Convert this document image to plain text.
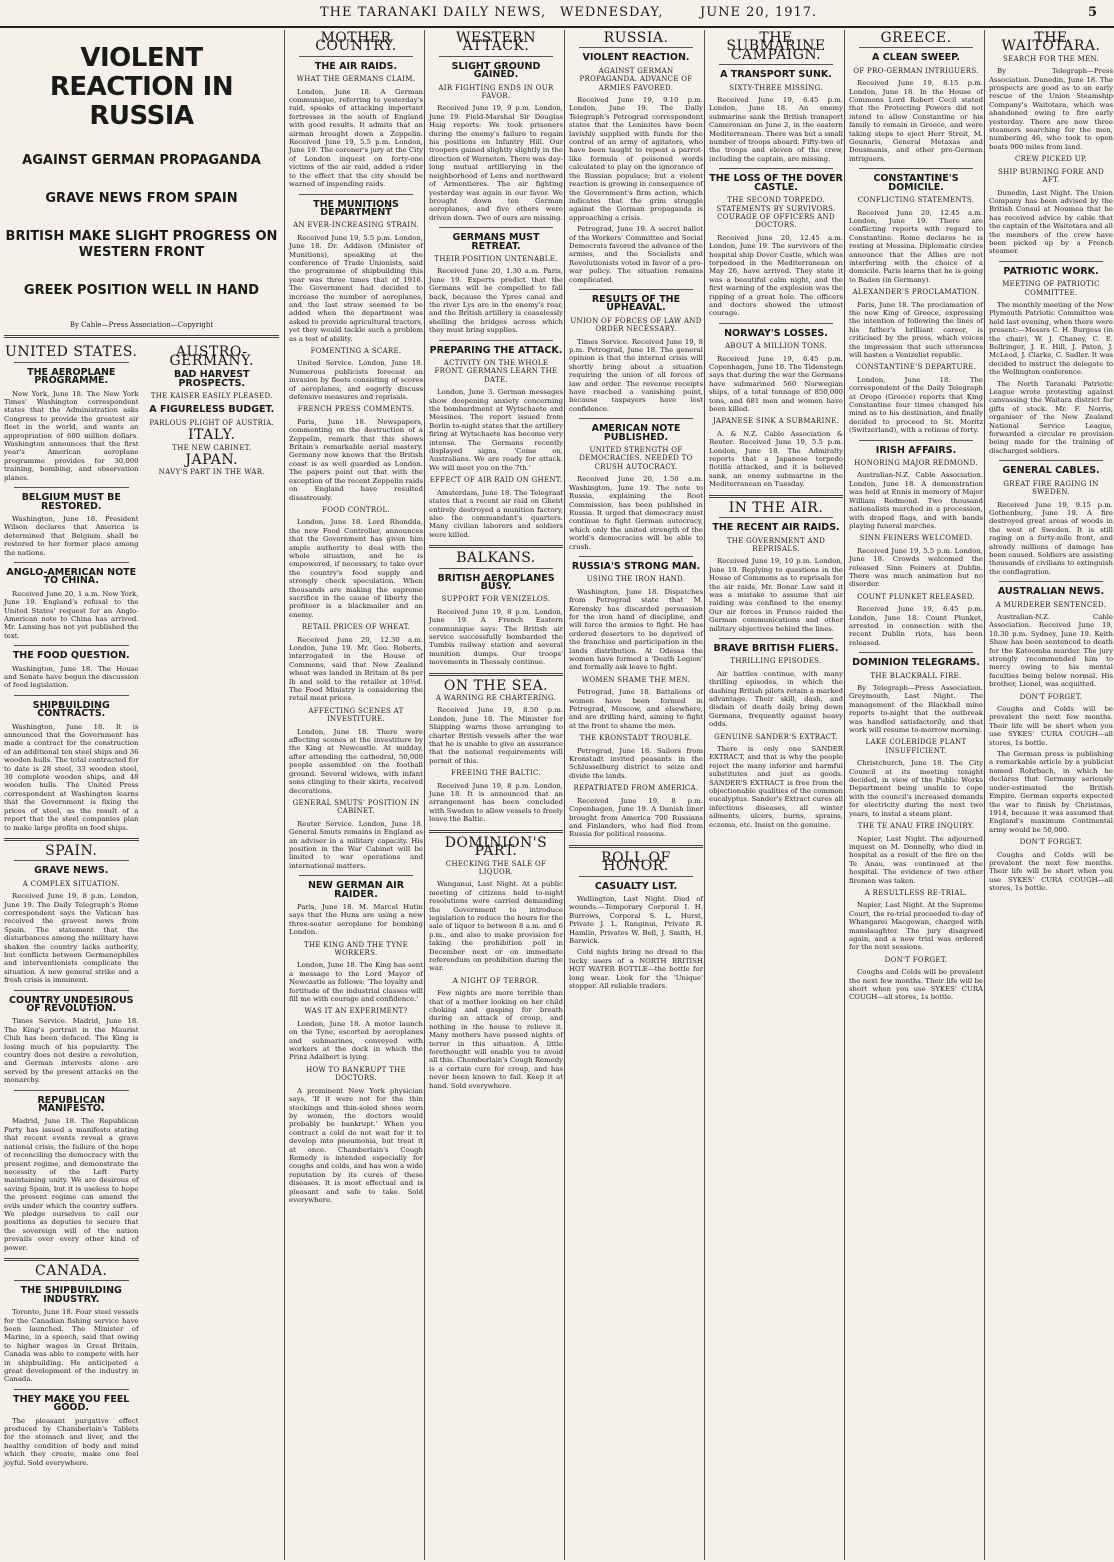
THE TARANAKI DAILY NEWS, WEDNESDAY,	JUNE 20, 1917.	5
VIOLENT REACTION IN RUSSIA
AGAINST GERMAN PROPAGANDA
GRAVE NEWS FROM SPAIN
BRITISH MAKE SLIGHT PROGRESS ON WESTERN FRONT
GREEK POSITION WELL IN HAND
By Cable—Press Association—Copyright
UNITED STATES.
THE AEROPLANE PROGRAMME.

New York, June 18. The New York Times' Washington correspondent states that the Administration asks Congress to provide the greatest air fleet in the world, and wants an appropriation of 600 million dollars. Washington announces that the first year's American aeroplane programme provides for 30,000 training, bombing, and observation planes.

BELGIUM MUST BE RESTORED.

Washington, June 18. President Wilson declares that America is determined that Belgium shall be restored to her former place among the nations.

ANGLO-AMERICAN NOTE TO CHINA.

Received June 20, 1 a.m. New York, June 19. England's refusal to the United States' request for an Anglo-American note to China has arrived. Mr. Lansing has not yet published the text.

THE FOOD QUESTION.

Washington, June 18. The House and Senate have begun the discussion of food legislation.

SHIPBUILDING CONTRACTS.

Washington, June 18. It is announced that the Government has made a contract for the construction of an additional ten steel ships and 36 wooden hulls. The total contracted for to date is 28 steel, 33 wooden steel, 30 complete wooden ships, and 48 wooden hulls. The United Press correspondent at Washington learns that the Government is fixing the prices of steel, as the result of a report that the steel companies plan to make large profits on food ships.

SPAIN.
GRAVE NEWS.
A COMPLEX SITUATION.

Received June 19, 8 p.m. London, June 19. The Daily Telegraph's Rome correspondent says the Vatican has received the gravest news from Spain. The statement that the disturbances among the military have shaken the country lacks authority, but conflicts between Germanophiles and interventionists complicate the situation. A new general strike and a fresh crisis is imminent.

COUNTRY UNDESIROUS OF REVOLUTION.

Times Service. Madrid, June 18. The King's portrait in the Maurist Club has been defaced. The King is losing much of his popularity. The country does not desire a revolution, and German interests alone are served by the present attacks on the monarchy.

REPUBLICAN MANIFESTO.

Madrid, June 18. The Republican Party has issued a manifesto stating that recent events reveal a grave national crisis, the failure of the hope of reconciling the democracy with the present regime, and demonstrate the necessity of the Left Party maintaining unity. We are desirous of saving Spain, but it is useless to hope the present regime can amend the evils under which the country suffers. We pledge ourselves to call our positions as deputies to secure that the sovereign will of the nation prevails over every other kind of power.

CANADA.
THE SHIPBUILDING INDUSTRY.

Toronto, June 18. Four steel vessels for the Canadian fishing service have been launched. The Minister of Marine, in a speech, said that owing to higher wages in Great Britain, Canada was able to compete with her in shipbuilding. He anticipated a great development of the industry in Canada.

THEY MAKE YOU FEEL GOOD.

The pleasant purgative effect produced by Chamberlain's Tablets for the stomach and liver, and the healthy condition of body and mind which they create, make one feel joyful. Sold everywhere.

AUSTRO-GERMANY.
BAD HARVEST PROSPECTS.
THE KAISER EASILY PLEASED.
A FIGURELESS BUDGET.
PARLOUS PLIGHT OF AUSTRIA.
ITALY.
THE NEW CABINET.
JAPAN.
NAVY'S PART IN THE WAR.
MOTHER COUNTRY.
THE AIR RAIDS.
WHAT THE GERMANS CLAIM.

London, June 18. A German communique, referring to yesterday's raid, speaks of attacking important fortresses in the south of England with good results. It admits that an airman brought down a Zeppelin. Received June 19, 5.5 p.m. London, June 19. The coroner's jury at the City of London inquest on forty-one victims of the air raid, added a rider to the effect that the city should be warned of impending raids.

THE MUNITIONS DEPARTMENT
AN EVER-INCREASING STRAIN.

Received June 19, 5.5 p.m. London, June 18. Dr. Addison (Minister of Munitions), speaking at the conference of Trade Unionists, said the programme of shipbuilding this year was three times that of 1916. The Government had decided to increase the number of aeroplanes, and the last straw seemed to be added when the department was asked to provide agricultural tractors, yet they would tackle such a problem as a test of ability.

FOMENTING A SCARE.

United Service. London, June 18. Numerous publicists forecast an invasion by fleets consisting of scores of aeroplanes, and eagerly discuss defensive measures and reprisals.

FRENCH PRESS COMMENTS.

Paris, June 18. Newspapers, commenting on the destruction of a Zeppelin, remark that this shows Britain's remarkable aerial mastery. Germany now knows that the British coast is as well guarded as London. The papers point out that with the exception of the recent Zeppelin raids on England have resulted disastrously.

FOOD CONTROL.

London, June 18. Lord Rhondda, the new Food Controller, announces that the Government has given him ample authority to deal with the whole situation, and he is empowered, if necessary, to take over the country's food supply and strongly check speculation. When thousands are making the supreme sacrifice in the cause of liberty the profiteer is a blackmailer and an enemy.

RETAIL PRICES OF WHEAT.

Received June 20, 12.30 a.m. London, June 19. Mr. Geo. Roberts, interrogated in the House of Commons, said that New Zealand wheat was landed in Britain at 8s per lb and sold to the retailer at 10½d. The Food Ministry is considering the retail meat prices.

AFFECTING SCENES AT INVESTITURE.

London, June 18. There were affecting scenes at the investiture by the King at Newcastle. At midday, after attending the cathedral, 50,000 people assembled on the football ground. Several widows, with infant sons clinging to their skirts, received decorations.

GENERAL SMUTS' POSITION IN CABINET.

Reuter Service. London, June 18. General Smuts remains in England as an adviser in a military capacity. His position in the War Cabinet will be limited to war operations and international matters.

NEW GERMAN AIR RAIDER.

Paris, June 18. M. Marcel Hutin says that the Huns are using a new three-seater aeroplane for bombing London.

THE KING AND THE TYNE WORKERS.

London, June 18. The King has sent a message to the Lord Mayor of Newcastle as follows: 'The loyalty and fortitude of the industrial classes will fill me with courage and confidence.'

WAS IT AN EXPERIMENT?

London, June 18. A motor launch on the Tyne, escorted by aeroplanes and submarines, conveyed with workers at the dock in which the Prinz Adalbert is lying.

HOW TO BANKRUPT THE DOCTORS.

A prominent New York physician says, 'If it were not for the thin stockings and thin-soled shoes worn by women, the doctors would probably be bankrupt.' When you contract a cold do not wait for it to develop into pneumonia, but treat it at once. Chamberlain's Cough Remedy is intended especially for coughs and colds, and has won a wide reputation by its cures of these diseases. It is most effectual and is pleasant and safe to take. Sold everywhere.

WESTERN ATTACK.
SLIGHT GROUND GAINED.
AIR FIGHTING ENDS IN OUR FAVOR.

Received June 19, 9 p.m. London, June 19. Field-Marshal Sir Douglas Haig reports: We took prisoners during the enemy's failure to regain his positions on Infantry Hill. Our troopers gained slightly slightly in the direction of Warneton. There was day-long mutual artillerying in the neighborhood of Lens and northward of Armentieres. The air fighting yesterday was again in our favor. We brought down ten German aeroplanes, and five others were driven down. Two of ours are missing.

GERMANS MUST RETREAT.
THEIR POSITION UNTENABLE.

Received June 20, 1.30 a.m. Paris, June 19. Experts predict that the Germans will be compelled to fall back, because the Ypres canal and the river Lys are in the enemy's rear, and the British artillery is ceaselessly shelling the bridges across which they must bring supplies.

PREPARING THE ATTACK.
ACTIVITY ON THE WHOLE FRONT. GERMANS LEARN THE DATE.

London, June 3. German messages show deepening anxiety concerning the bombardment at Wytschaete and Messines. The report issued from Berlin to-night states that the artillery firing at Wytschaete has become very intense. The Germans recently displayed signs, 'Come on, Australians. We are ready for attack. We will meet you on the 7th.'

EFFECT OF AIR RAID ON GHENT.

Amsterdam, June 18. The Telegraaf states that a recent air raid on Ghent entirely destroyed a munition factory, also the commandant's quarters. Many civilian laborers and soldiers were killed.

BALKANS.
BRITISH AEROPLANES BUSY.
SUPPORT FOR VENIZELOS.

Received June 19, 8 p.m. London, June 19. A French Eastern communique says: The British air service successfully bombarded the Tumbis railway station and several munition dumps. Our troops' movements in Thessaly continue.

ON THE SEA.
A WARNING RE CHARTERING.

Received June 19, 8.50 p.m. London, June 18. The Minister for Shipping warns those arranging to charter British vessels after the war that he is unable to give an assurance that the national requirements will permit of this.

FREEING THE BALTIC.

Received June 19, 8 p.m. London, June 18. It is announced that an arrangement has been concluded with Sweden to allow vessels to freely leave the Baltic.

DOMINION'S PART.
CHECKING THE SALE OF LIQUOR.

Wanganui, Last Night. At a public meeting of citizens held to-night resolutions were carried demanding the Government to introduce legislation to reduce the hours for the sale of liquor to between 8 a.m. and 6 p.m., and also to make provision for taking the prohibition poll in December next or on immediate referendum on prohibition during the war.

A NIGHT OF TERROR.

Few nights are more terrible than that of a mother looking on her child choking and gasping for breath during an attack of croup, and nothing in the house to relieve it. Many mothers have passed nights of terror in this situation. A little forethought will enable you to avoid all this. Chamberlain's Cough Remedy is a certain cure for croup, and has never been known to fail. Keep it at hand. Sold everywhere.

RUSSIA.
VIOLENT REACTION.
AGAINST GERMAN PROPAGANDA. ADVANCE OF ARMIES FAVORED.

Received June 19, 9.10 p.m. London, June 19. The Daily Telegraph's Petrograd correspondent states that the Leninites have been lavishly supplied with funds for the control of an army of agitators, who have been taught to repeat a parrot-like formula of poisoned words calculated to play on the ignorance of the Russian populace; but a violent reaction is growing in consequence of the Government's firm action, which indicates that the grim struggle against the German propaganda is approaching a crisis.

Petrograd, June 19. A secret ballot of the Workers' Committee and Social Democrats favored the advance of the armies, and the Socialists and Revolutionists voted in favor of a pro-war policy. The situation remains complicated.

RESULTS OF THE UPHEAVAL.
UNION OF FORCES OF LAW AND ORDER NECESSARY.

Times Service. Received June 19, 8 p.m. Petrograd, June 18. The general opinion is that the internal crisis will shortly bring about a situation requiring the union of all forces of law and order. The revenue receipts have reached a vanishing point, because taxpayers have lost confidence.

AMERICAN NOTE PUBLISHED.
UNITED STRENGTH OF DEMOCRACIES. NEEDED TO CRUSH AUTOCRACY.

Received June 20, 1.50 a.m. Washington, June 19. The note to Russia, explaining the Root Commission, has been published in Russia. It urged that democracy must continue to fight German autocracy, which only the united strength of the world's democracies will be able to crush.

RUSSIA'S STRONG MAN.
USING THE IRON HAND.

Washington, June 18. Dispatches from Petrograd state that M. Kerensky has discarded persuasion for the iron hand of discipline, and will force the armies to fight. He has ordered deserters to be deprived of the franchise and participation in the lands distribution. At Odessa the women have formed a 'Death Legion' and formally ask leave to fight.

WOMEN SHAME THE MEN.

Petrograd, June 18. Battalions of women have been formed in Petrograd, Moscow, and elsewhere, and are drilling hard, aiming to fight at the front to shame the men.

THE KRONSTADT TROUBLE.

Petrograd, June 18. Sailors from Kronstadt invited peasants in the Schlusselburg district to seize and divide the lands.

REPATRIATED FROM AMERICA.

Received June 19, 8 p.m. Copenhagen, June 19. A Danish liner brought from America 700 Russians and Finlanders, who had fled from Russia for political reasons.

ROLL OF HONOR.
CASUALTY LIST.

Wellington, Last Night. Died of wounds.—Temporary Corporal I. H. Burrows, Corporal S. L. Hurst, Private J. L. Ranginui, Private R. Hamlin, Privates W. Bell, J. Smith, H. Barwick.

Cold nights bring no dread to the lucky users of a NORTH BRITISH HOT WATER BOTTLE—the bottle for long wear. Look for the 'Unique' stopper. All reliable traders.

THE SUBMARINE CAMPAIGN.
A TRANSPORT SUNK.
SIXTY-THREE MISSING.

Received June 19, 6.45 p.m. London, June 18. An enemy submarine sank the British transport Cameronian on June 2, in the eastern Mediterranean. There was but a small number of troops aboard. Fifty-two of the troops and eleven of the crew, including the captain, are missing.

THE LOSS OF THE DOVER CASTLE.
THE SECOND TORPEDO. STATEMENTS BY SURVIVORS. COURAGE OF OFFICERS AND DOCTORS.

Received June 20, 12.45 a.m. London, June 19. The survivors of the hospital ship Dover Castle, which was torpedoed in the Mediterranean on May 26, have arrived. They state it was a beautiful calm night, and the first warning of the explosion was the ripping of a great hole. The officers and doctors showed the utmost courage.

NORWAY'S LOSSES.
ABOUT A MILLION TONS.

Received June 19, 6.45 p.m. Copenhagen, June 18. The Tidenstegn says that during the war the Germans have submarined 560 Norwegian ships, of a total tonnage of 850,000 tons, and 681 men and women have been killed.

JAPANESE SINK A SUBMARINE.

A. & N.Z. Cable Association & Reuter. Received June 19, 5.5 p.m. London, June 18. The Admiralty reports that a Japanese torpedo flotilla attacked, and it is believed sank, an enemy submarine in the Mediterranean on Tuesday.

IN THE AIR.
THE RECENT AIR RAIDS.
THE GOVERNMENT AND REPRISALS.

Received June 19, 10 p.m. London, June 19. Replying to questions in the House of Commons as to reprisals for the air raids, Mr. Bonar Law said it was a mistake to assume that air raiding was confined to the enemy. Our air forces in France raided the German communications and other military objectives behind the lines.

BRAVE BRITISH FLIERS.
THRILLING EPISODES.

Air battles continue, with many thrilling episodes, in which the dashing British pilots retain a marked advantage. Their skill, dash, and disdain of death daily bring down Germans, frequently against heavy odds.

GENUINE SANDER'S EXTRACT.

There is only one SANDER EXTRACT, and that is why the people reject the many inferior and harmful substitutes and just as goods. SANDER'S EXTRACT is free from the objectionable qualities of the common eucalyptus. Sander's Extract cures all infectious diseases, all winter ailments, ulcers, burns, sprains, eczema, etc. Insist on the genuine.

GREECE.
A CLEAN SWEEP.
OF PRO-GERMAN INTRIGUERS.

Received June 19, 8.15 p.m. London, June 18. In the House of Commons Lord Robert Cecil stated that the Protecting Powers did not intend to allow Constantine or his family to remain in Greece, and were taking steps to eject Herr Streit, M. Gounaris, General Metaxas and Dousmanis, and other pro-German intriguers.

CONSTANTINE'S DOMICILE.
CONFLICTING STATEMENTS.

Received June 20, 12.45 a.m. London, June 19. There are conflicting reports with regard to Constantine. Rome declares he is resting at Messina. Diplomatic circles announce that the Allies are not interfering with the choice of a domicile. Paris learns that he is going to Baden (in Germany).

ALEXANDER'S PROCLAMATION.

Paris, June 18. The proclamation of the new King of Greece, expressing the intention of following the lines of his father's brilliant career, is criticised by the press, which voices the impression that such utterances will hasten a Venizelist republic.

CONSTANTINE'S DEPARTURE.

London, June 18. The correspondent of the Daily Telegraph at Oropo (Greece) reports that King Constantine four times changed his mind as to his destination, and finally decided to proceed to St. Moritz (Switzerland), with a retinue of forty.

IRISH AFFAIRS.
HONORING MAJOR REDMOND.

Australian-N.Z. Cable Association. London, June 18. A demonstration was held at Ennis in memory of Major William Redmond. Two thousand nationalists marched in a procession, with draped flags, and with bands playing funeral marches.

SINN FEINERS WELCOMED.

Received June 19, 5.5 p.m. London, June 18. Crowds welcomed the released Sinn Feiners at Dublin. There was much animation but no disorder.

COUNT PLUNKET RELEASED.

Received June 19, 6.45 p.m. London, June 18. Count Plunket, arrested in connection with the recent Dublin riots, has been released.

DOMINION TELEGRAMS.
THE BLACKBALL FIRE.

By Telegraph—Press Association. Greymouth, Last Night. The management of the Blackball mine reports to-night that the outbreak was handled satisfactorily, and that work will resume to-morrow morning.

LAKE COLERIDGE PLANT INSUFFICIENT.

Christchurch, June 18. The City Council at its meeting tonight decided, in view of the Public Works Department being unable to cope with the council's increased demands for electricity during the next two years, to instal a steam plant.

THE TE ANAU FIRE INQUIRY.

Napier, Last Night. The adjourned inquest on M. Donnelly, who died in hospital as a result of the fire on the Te Anau, was continued at the hospital. The evidence of two other firemen was taken.

A RESULTLESS RE-TRIAL.

Napier, Last Night. At the Supreme Court, the re-trial proceeded to-day of Whangarei Macgowan, charged with manslaughter. The jury disagreed again, and a new trial was ordered for the next sessions.

DON'T FORGET.

Coughs and Colds will be prevalent the next few months. Their life will be short when you use SYKES' CURA COUGH—all stores, 1s bottle.

THE WAITOTARA.
SEARCH FOR THE MEN.

By Telegraph—Press Association. Dunedin, June 18. The prospects are good as to an early rescue of the Union Steamship Company's Waitotara, which was abandoned owing to fire early yesterday. There are now three steamers searching for the men, numbering 46, who took to open boats 900 miles from land.

CREW PICKED UP.
SHIP BURNING FORE AND AFT.

Dunedin, Last Night. The Union Company has been advised by the British Consul at Noumea that he has received advice by cable that the captain of the Waitotara and all the members of the crew have been picked up by a French steamer.

PATRIOTIC WORK.
MEETING OF PATRIOTIC COMMITTEE.

The monthly meeting of the New Plymouth Patriotic Committee was held last evening, when there were present:—Messrs C. H. Burgess (in the chair), W. J. Chaney, C. E. Bellringer, J. E. Hill, J. Paton, J. McLeod, J. Clarke, C. Sadler. It was decided to instruct the delegate to the Wellington conference.

The North Taranaki Patriotic League wrote protesting against canvassing the Waitara district for gifts of stock. Mr. F. Norris, organiser of the New Zealand National Service League, forwarded a circular re provision being made for the training of discharged soldiers.

GENERAL CABLES.
GREAT FIRE RAGING IN SWEDEN.

Received June 19, 9.15 p.m. Gothenburg, June 19. A fire destroyed great areas of woods in the west of Sweden. It is still raging on a forty-mile front, and already millions of damage has been caused. Soldiers are assisting thousands of civilians to extinguish the conflagration.

AUSTRALIAN NEWS.
A MURDERER SENTENCED.

Australian-N.Z. Cable Association. Received June 19, 10.30 p.m. Sydney, June 19. Keith Shaw has been sentenced to death for the Katoomba murder. The jury strongly recommended him to mercy owing to his mental faculties being below normal. His brother, Lionel, was acquitted.

DON'T FORGET.

Coughs and Colds will be prevalent the next few months. Their life will be short when you use SYKES' CURA COUGH—all stores, 1s bottle.

The German press is publishing a remarkable article by a publicist named Rohrbach, in which he declares that Germany seriously under-estimated the British Empire. German experts expected the war to finish by Christmas, 1914, because it was assumed that England's maximum Continental army would be 50,000.

DON'T FORGET.

Coughs and Colds will be prevalent the next few months. Their life will be short when you use SYKES' CURA COUGH—all stores, 1s bottle.
